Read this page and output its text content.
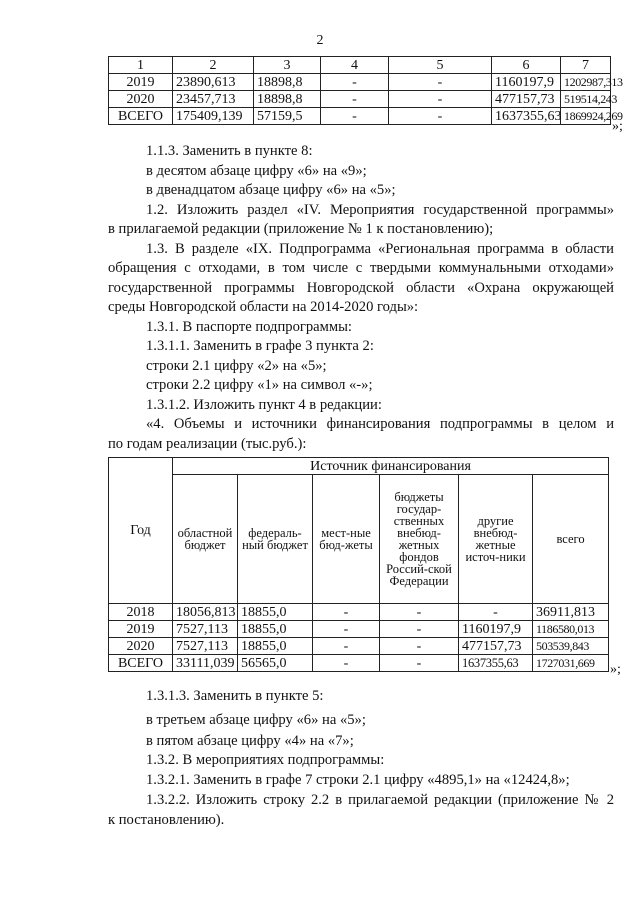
2
1	2	3	4	5	6	7
2019	23890,613	18898,8	-	-	1160197,9	1202987,313
2020	23457,713	18898,8	-	-	477157,73	519514,243
ВСЕГО	175409,139	57159,5	-	-	1637355,63	1869924,269
»;
1.1.3. Заменить в пункте 8:
в десятом абзаце цифру «6» на «9»;
в двенадцатом абзаце цифру «6» на «5»;
1.2. Изложить раздел «IV. Мероприятия государственной программы»
в прилагаемой редакции (приложение № 1 к постановлению);
1.3. В разделе «IX. Подпрограмма «Региональная программа в области
обращения с отходами, в том числе с твердыми коммунальными отходами»
государственной программы Новгородской области «Охрана окружающей
среды Новгородской области на 2014-2020 годы»:
1.3.1. В паспорте подпрограммы:
1.3.1.1. Заменить в графе 3 пункта 2:
строки 2.1 цифру «2» на «5»;
строки 2.2 цифру «1» на символ «-»;
1.3.1.2. Изложить пункт 4 в редакции:
«4. Объемы и источники финансирования подпрограммы в целом и
по годам реализации (тыс.руб.):
Год	Источник финансирования					
	областной бюджет	федераль-ный бюджет	мест-ные бюд-жеты	бюджеты государ-ственных внебюд-жетных фондов Россий-ской Федерации	другие внебюд-жетные источ-ники	всего
2018	18056,813	18855,0	-	-	-	36911,813
2019	7527,113	18855,0	-	-	1160197,9	1186580,013
2020	7527,113	18855,0	-	-	477157,73	503539,843
ВСЕГО	33111,039	56565,0	-	-	1637355,63	1727031,669 »;
1.3.1.3. Заменить в пункте 5:
в третьем абзаце цифру «6» на «5»;
в пятом абзаце цифру «4» на «7»;
1.3.2. В мероприятиях подпрограммы:
1.3.2.1. Заменить в графе 7 строки 2.1 цифру «4895,1» на «12424,8»;
1.3.2.2. Изложить строку 2.2 в прилагаемой редакции (приложение № 2
к постановлению).
